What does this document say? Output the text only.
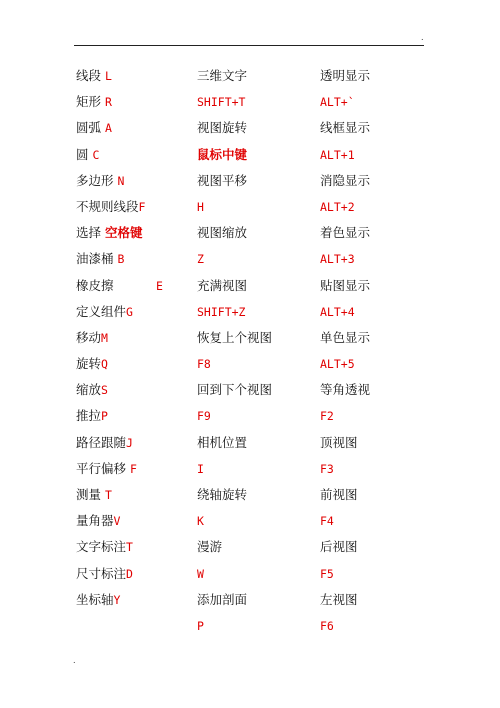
.
.
线段 L
矩形 R
圆弧 A
圆 C
多边形 N
不规则线段F
选择 空格键
油漆桶 B
橡皮擦	E
定义组件G
移动M
旋转Q
缩放S
推拉P
路径跟随J
平行偏移 F
测量 T
量角器V
文字标注T
尺寸标注D
坐标轴Y
三维文字
SHIFT+T
视图旋转
鼠标中键
视图平移
H
视图缩放
Z
充满视图
SHIFT+Z
恢复上个视图
F8
回到下个视图
F9
相机位置
I
绕轴旋转
K
漫游
W
添加剖面
P
透明显示
ALT+`
线框显示
ALT+1
消隐显示
ALT+2
着色显示
ALT+3
贴图显示
ALT+4
单色显示
ALT+5
等角透视
F2
顶视图
F3
前视图
F4
后视图
F5
左视图
F6
